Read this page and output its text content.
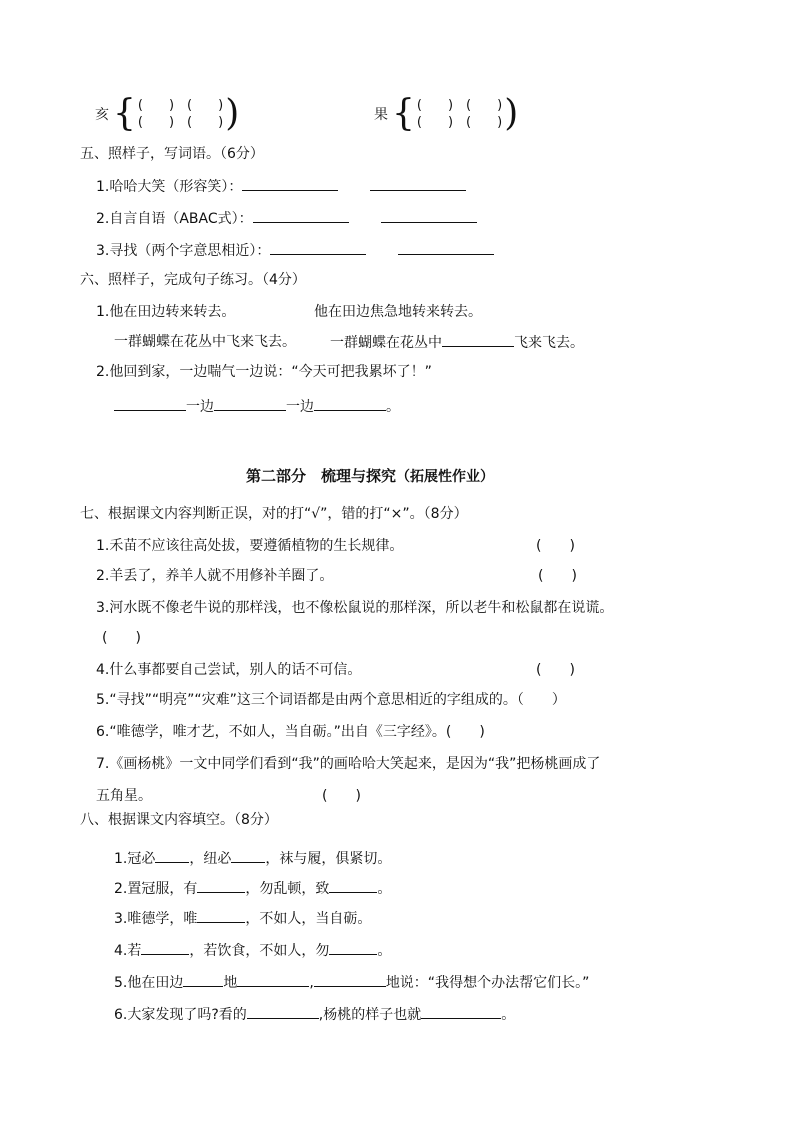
亥 { (　　)　(　　)
(　　)　(　　) )	果 { (　　)　(　　)
(　　)　(　　) )
五、照样子，写词语。（6分）
1.哈哈大笑（形容笑）：
2.自言自语（ABAC式）：
3.寻找（两个字意思相近）：
六、照样子，完成句子练习。（4分）
1.他在田边转来转去。	他在田边焦急地转来转去。
一群蝴蝶在花丛中飞来飞去。 一群蝴蝶在花丛中	飞来飞去。
2.他回到家，一边喘气一边说：“今天可把我累坏了！”
一边	一边	。
第二部分　梳理与探究（拓展性作业）
七、根据课文内容判断正误，对的打“√”，错的打“×”。（8分）
1.禾苗不应该往高处拔，要遵循植物的生长规律。	(　　)
2.羊丢了，养羊人就不用修补羊圈了。	(　　)
3.河水既不像老牛说的那样浅，也不像松鼠说的那样深，所以老牛和松鼠都在说谎。
(　　)
4.什么事都要自己尝试，别人的话不可信。	(　　)
5.“寻找”“明亮”“灾难”这三个词语都是由两个意思相近的字组成的。（　　）
6.“唯德学，唯才艺，不如人，当自砺。”出自《三字经》。(　　)
7.《画杨桃》一文中同学们看到“我”的画哈哈大笑起来，是因为“我”把杨桃画成了
五角星。	(　　)
八、根据课文内容填空。（8分）
1.冠必 ，纽必 ，袜与履，俱紧切。
2.置冠服，有	，勿乱顿，致	。
3.唯德学，唯	，不如人，当自砺。
4.若	，若饮食，不如人，勿	。
5.他在田边	地	,	地说：“我得想个办法帮它们长。”
6.大家发现了吗?看的	,杨桃的样子也就	。
